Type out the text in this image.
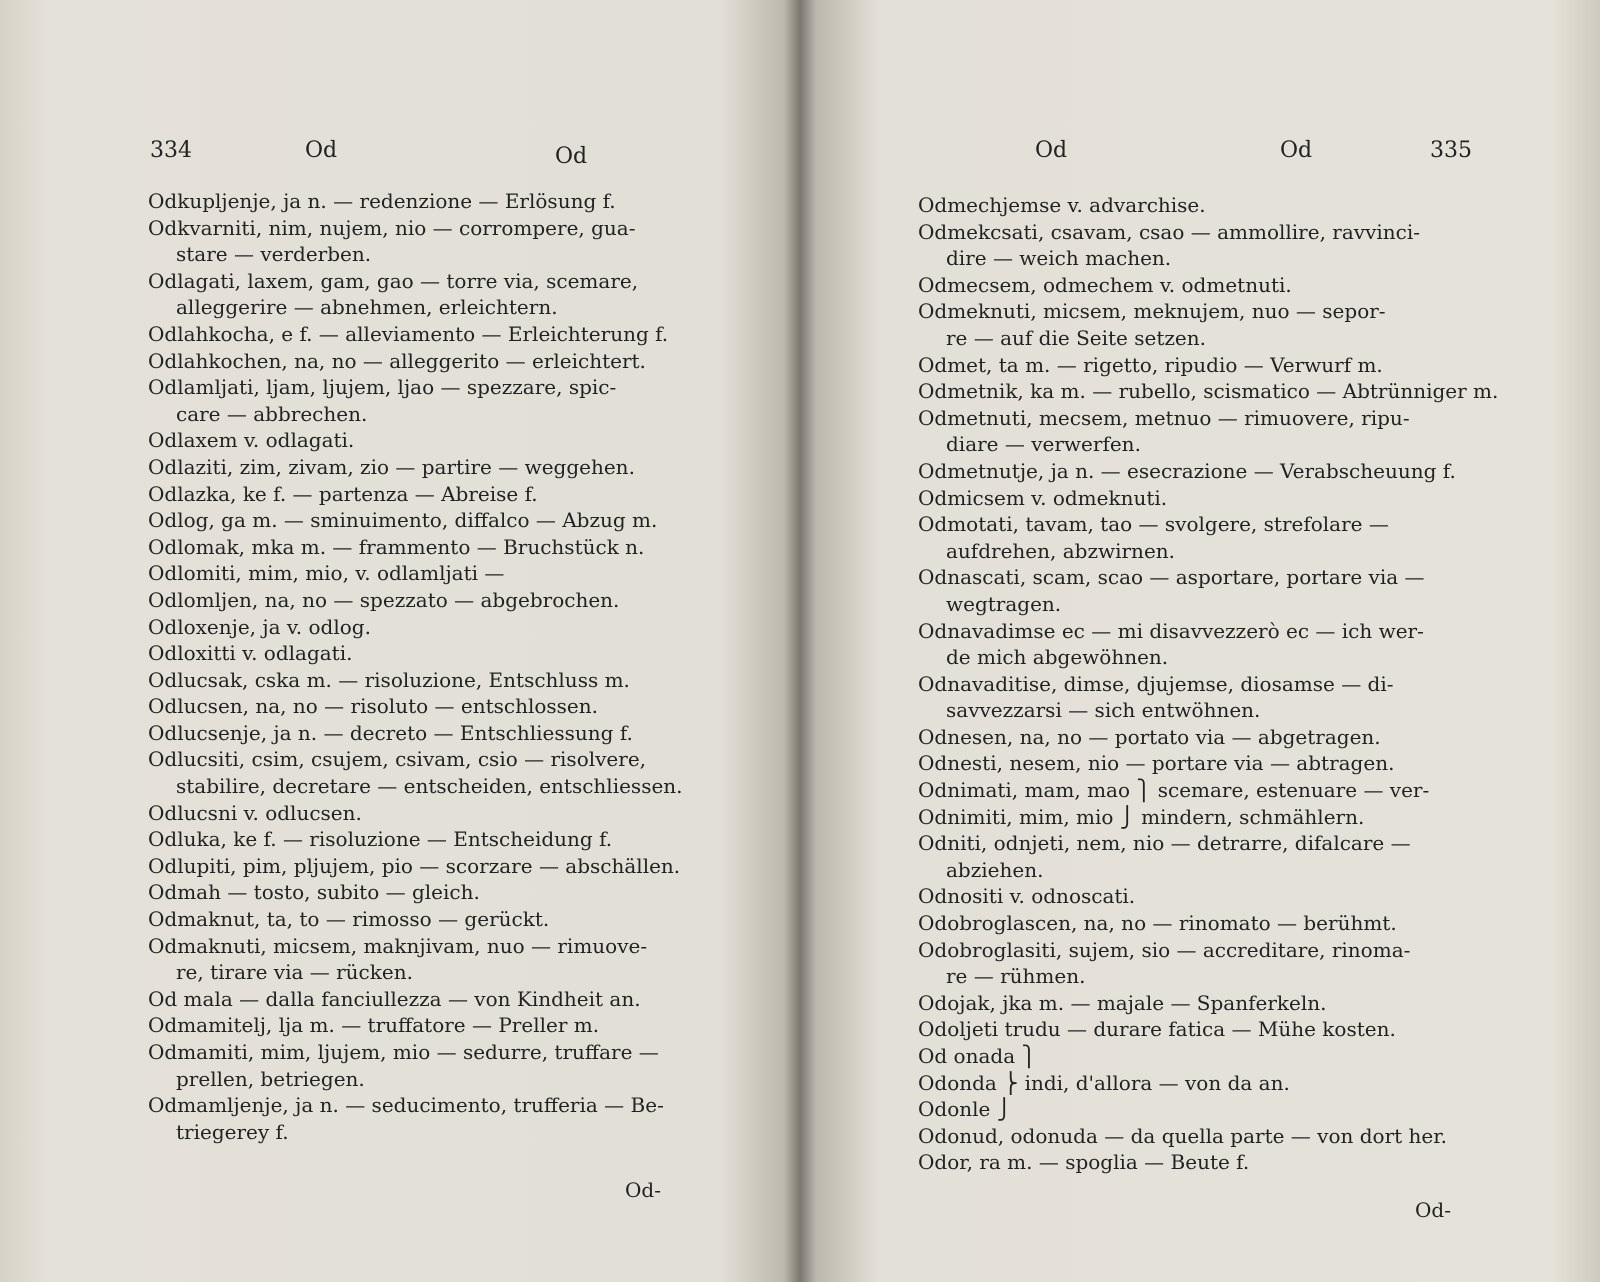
334	Od	Od
Odkupljenje, ja n. — redenzione — Erlösung f.
Odkvarniti, nim, nujem, nio — corrompere, gua-
stare — verderben.
Odlagati, laxem, gam, gao — torre via, scemare,
alleggerire — abnehmen, erleichtern.
Odlahkocha, e f. — alleviamento — Erleichterung f.
Odlahkochen, na, no — alleggerito — erleichtert.
Odlamljati, ljam, ljujem, ljao — spezzare, spic-
care — abbrechen.
Odlaxem v. odlagati.
Odlaziti, zim, zivam, zio — partire — weggehen.
Odlazka, ke f. — partenza — Abreise f.
Odlog, ga m. — sminuimento, diffalco — Abzug m.
Odlomak, mka m. — frammento — Bruchstück n.
Odlomiti, mim, mio, v. odlamljati —
Odlomljen, na, no — spezzato — abgebrochen.
Odloxenje, ja v. odlog.
Odloxitti v. odlagati.
Odlucsak, cska m. — risoluzione, Entschluss m.
Odlucsen, na, no — risoluto — entschlossen.
Odlucsenje, ja n. — decreto — Entschliessung f.
Odlucsiti, csim, csujem, csivam, csio — risolvere,
stabilire, decretare — entscheiden, entschliessen.
Odlucsni v. odlucsen.
Odluka, ke f. — risoluzione — Entscheidung f.
Odlupiti, pim, pljujem, pio — scorzare — abschällen.
Odmah — tosto, subito — gleich.
Odmaknut, ta, to — rimosso — gerückt.
Odmaknuti, micsem, maknjivam, nuo — rimuove-
re, tirare via — rücken.
Od mala — dalla fanciullezza — von Kindheit an.
Odmamitelj, lja m. — truffatore — Preller m.
Odmamiti, mim, ljujem, mio — sedurre, truffare —
prellen, betriegen.
Odmamljenje, ja n. — seducimento, trufferia — Be-
triegerey f.
Od-
Od	Od	335
Od-
Odmechjemse v. advarchise.
Odmekcsati, csavam, csao — ammollire, ravvinci-
dire — weich machen.
Odmecsem, odmechem v. odmetnuti.
Odmeknuti, micsem, meknujem, nuo — sepor-
re — auf die Seite setzen.
Odmet, ta m. — rigetto, ripudio — Verwurf m.
Odmetnik, ka m. — rubello, scismatico — Abtrünniger m.
Odmetnuti, mecsem, metnuo — rimuovere, ripu-
diare — verwerfen.
Odmetnutje, ja n. — esecrazione — Verabscheuung f.
Odmicsem v. odmeknuti.
Odmotati, tavam, tao — svolgere, strefolare —
aufdrehen, abzwirnen.
Odnascati, scam, scao — asportare, portare via —
wegtragen.
Odnavadimse ec — mi disavvezzerò ec — ich wer-
de mich abgewöhnen.
Odnavaditise, dimse, djujemse, diosamse — di-
savvezzarsi — sich entwöhnen.
Odnesen, na, no — portato via — abgetragen.
Odnesti, nesem, nio — portare via — abtragen.
Odnimati, mam, mao ⎫ scemare, estenuare — ver-
Odnimiti, mim, mio ⎭ mindern, schmählern.
Odniti, odnjeti, nem, nio — detrarre, difalcare —
abziehen.
Odnositi v. odnoscati.
Odobroglascen, na, no — rinomato — berühmt.
Odobroglasiti, sujem, sio — accreditare, rinoma-
re — rühmen.
Odojak, jka m. — majale — Spanferkeln.
Odoljeti trudu — durare fatica — Mühe kosten.
Od onada ⎫
Odonda ⎬ indi, d'allora — von da an.
Odonle ⎭
Odonud, odonuda — da quella parte — von dort her.
Odor, ra m. — spoglia — Beute f.
